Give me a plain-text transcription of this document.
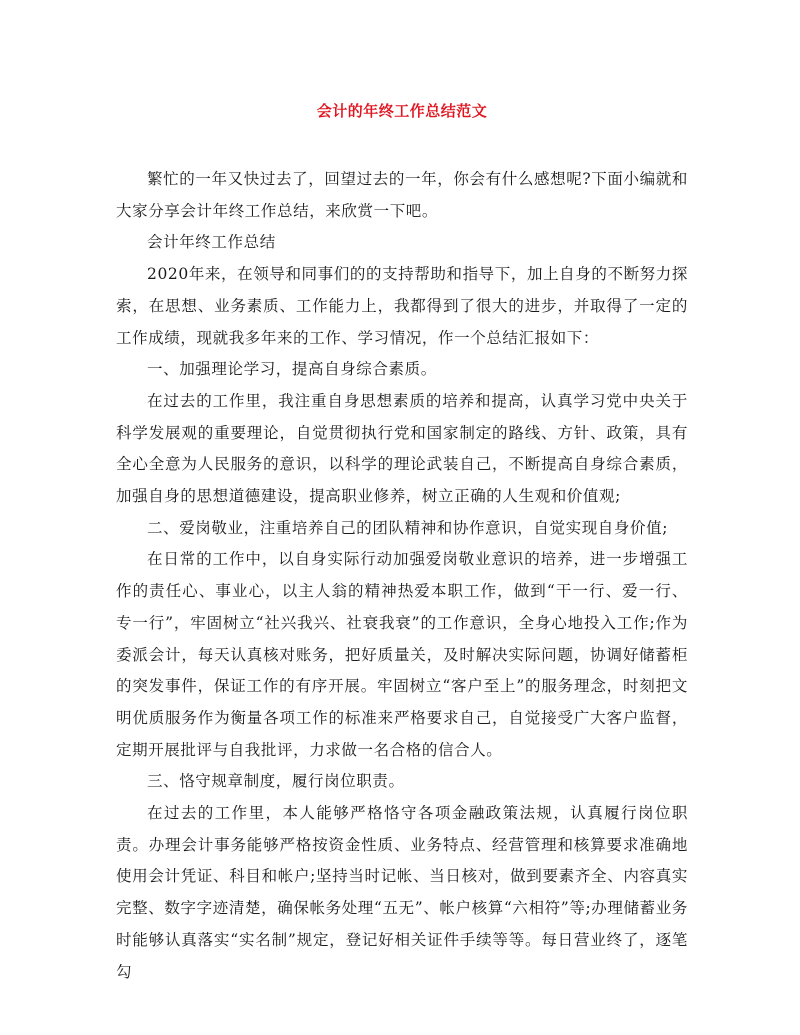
会计的年终工作总结范文

繁忙的一年又快过去了，回望过去的一年，你会有什么感想呢?下面小编就和大家分享会计年终工作总结，来欣赏一下吧。

会计年终工作总结

2020年来，在领导和同事们的的支持帮助和指导下，加上自身的不断努力探索，在思想、业务素质、工作能力上，我都得到了很大的进步，并取得了一定的工作成绩，现就我多年来的工作、学习情况，作一个总结汇报如下：

一、加强理论学习，提高自身综合素质。

在过去的工作里，我注重自身思想素质的培养和提高，认真学习党中央关于科学发展观的重要理论，自觉贯彻执行党和国家制定的路线、方针、政策，具有全心全意为人民服务的意识，以科学的理论武装自己，不断提高自身综合素质，加强自身的思想道德建设，提高职业修养，树立正确的人生观和价值观;

二、爱岗敬业，注重培养自己的团队精神和协作意识，自觉实现自身价值;

在日常的工作中，以自身实际行动加强爱岗敬业意识的培养，进一步增强工作的责任心、事业心，以主人翁的精神热爱本职工作，做到“干一行、爱一行、专一行”，牢固树立“社兴我兴、社衰我衰”的工作意识，全身心地投入工作;作为委派会计，每天认真核对账务，把好质量关，及时解决实际问题，协调好储蓄柜的突发事件，保证工作的有序开展。牢固树立“客户至上”的服务理念，时刻把文明优质服务作为衡量各项工作的标准来严格要求自己，自觉接受广大客户监督，定期开展批评与自我批评，力求做一名合格的信合人。

三、恪守规章制度，履行岗位职责。

在过去的工作里，本人能够严格恪守各项金融政策法规，认真履行岗位职责。办理会计事务能够严格按资金性质、业务特点、经营管理和核算要求准确地使用会计凭证、科目和帐户;坚持当时记帐、当日核对，做到要素齐全、内容真实完整、数字字迹清楚，确保帐务处理“五无”、帐户核算“六相符”等;办理储蓄业务时能够认真落实“实名制”规定，登记好相关证件手续等等。每日营业终了，逐笔勾
